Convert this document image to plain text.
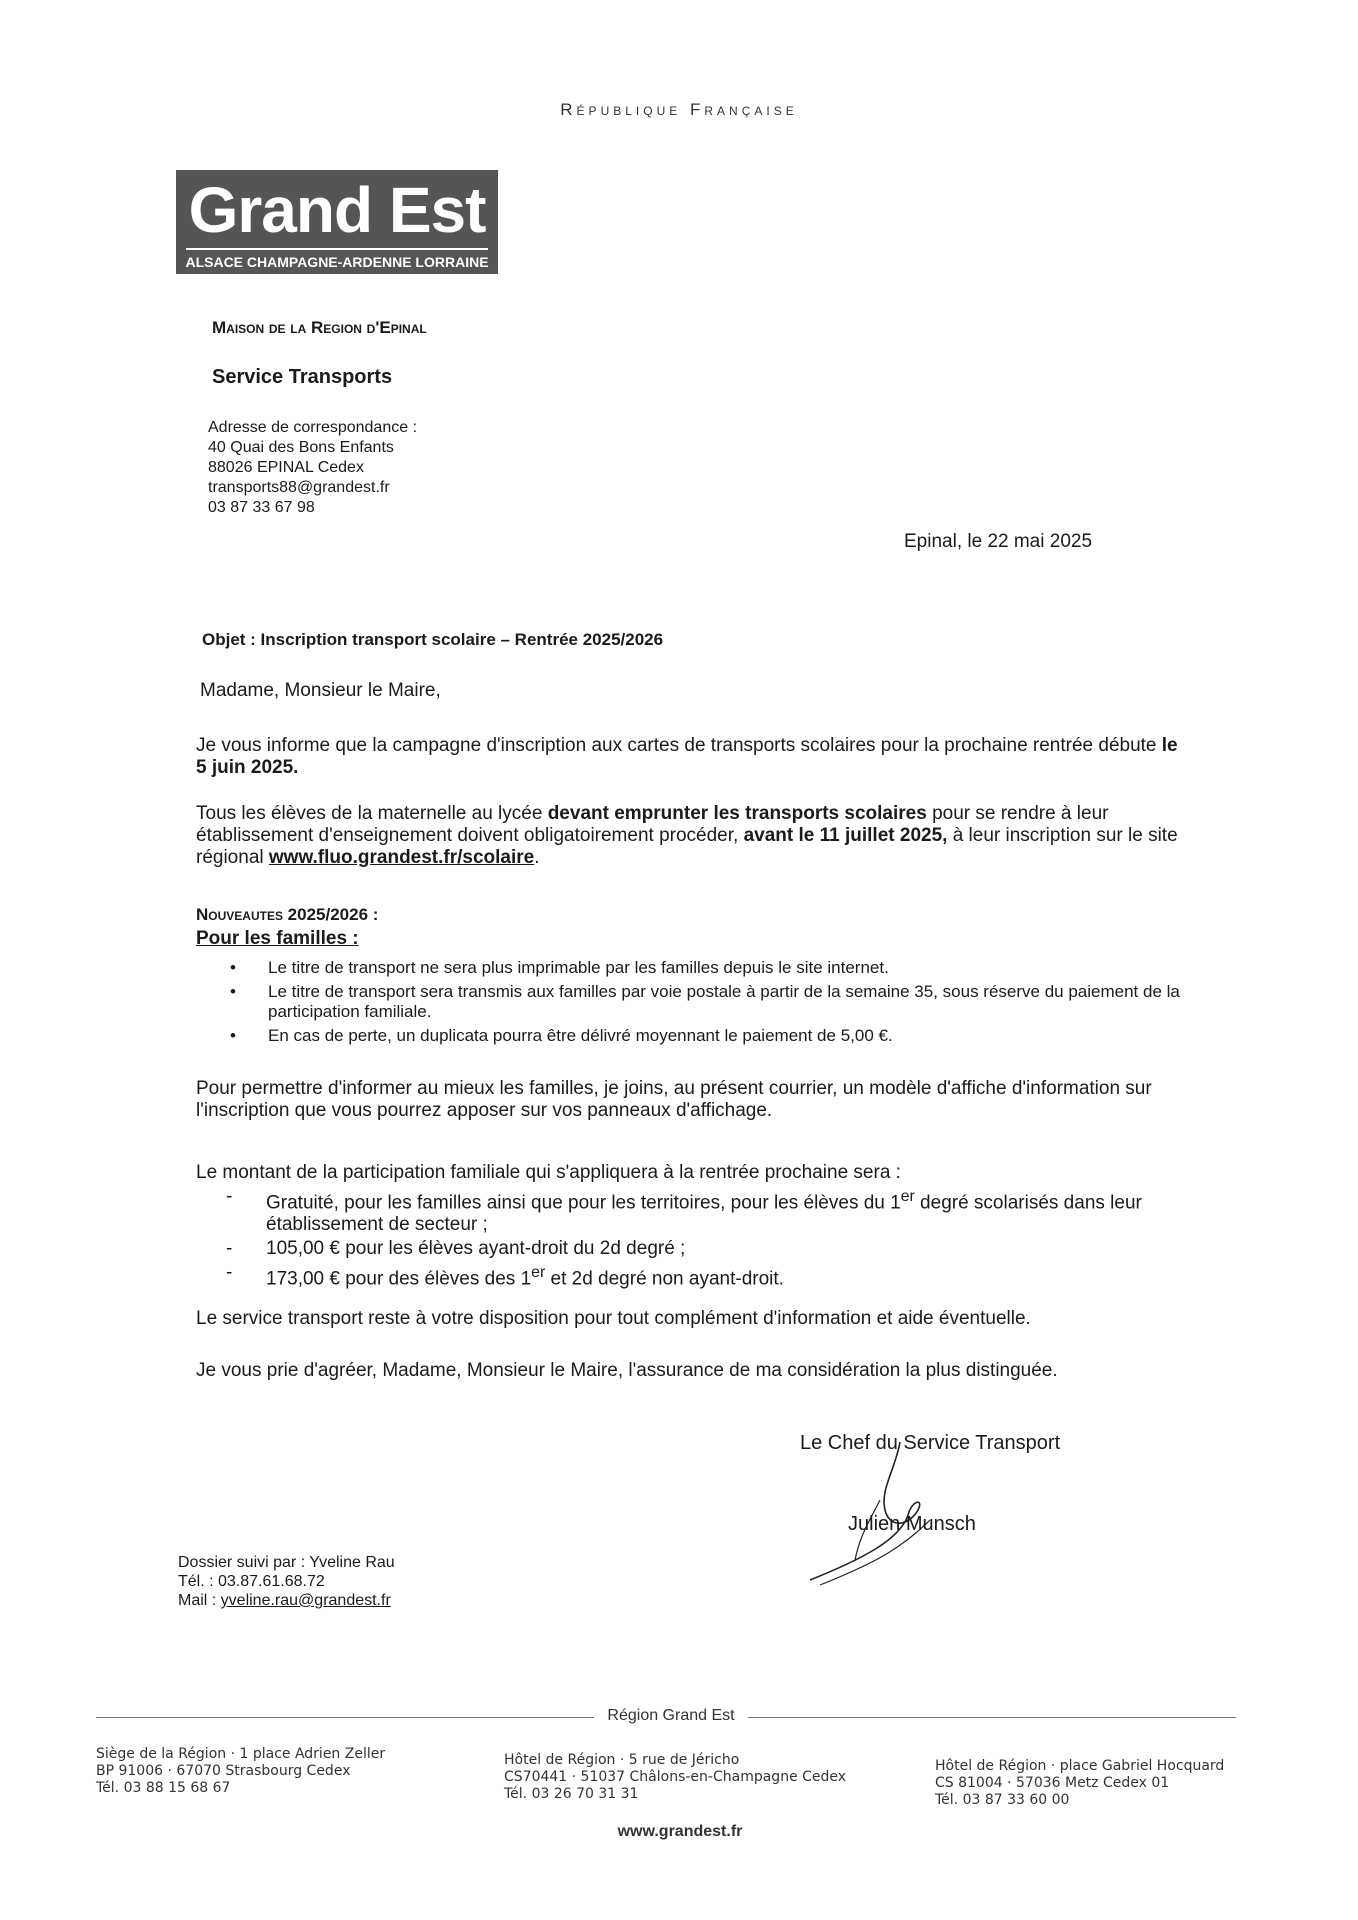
République Française
Grand Est
ALSACE CHAMPAGNE-ARDENNE LORRAINE
Maison de la Region d'Epinal
Service Transports
Adresse de correspondance :
40 Quai des Bons Enfants
88026 EPINAL Cedex
transports88@grandest.fr
03 87 33 67 98
Epinal, le 22 mai 2025
Objet : Inscription transport scolaire – Rentrée 2025/2026
Madame, Monsieur le Maire,
Je vous informe que la campagne d'inscription aux cartes de transports scolaires pour la prochaine rentrée débute le 5 juin 2025.
Tous les élèves de la maternelle au lycée devant emprunter les transports scolaires pour se rendre à leur établissement d'enseignement doivent obligatoirement procéder, avant le 11 juillet 2025, à leur inscription sur le site régional www.fluo.grandest.fr/scolaire.
Nouveautes 2025/2026 :
Pour les familles :
• Le titre de transport ne sera plus imprimable par les familles depuis le site internet.
• Le titre de transport sera transmis aux familles par voie postale à partir de la semaine 35, sous réserve du paiement de la participation familiale.
• En cas de perte, un duplicata pourra être délivré moyennant le paiement de 5,00 €.
Pour permettre d'informer au mieux les familles, je joins, au présent courrier, un modèle d'affiche d'information sur l'inscription que vous pourrez apposer sur vos panneaux d'affichage.
Le montant de la participation familiale qui s'appliquera à la rentrée prochaine sera :
- Gratuité, pour les familles ainsi que pour les territoires, pour les élèves du 1er degré scolarisés dans leur établissement de secteur ;
- 105,00 € pour les élèves ayant-droit du 2d degré ;
- 173,00 € pour des élèves des 1er et 2d degré non ayant-droit.
Le service transport reste à votre disposition pour tout complément d'information et aide éventuelle.
Je vous prie d'agréer, Madame, Monsieur le Maire, l'assurance de ma considération la plus distinguée.
Le Chef du Service Transport
Julien Munsch
Dossier suivi par : Yveline Rau
Tél. : 03.87.61.68.72
Mail : yveline.rau@grandest.fr
Région Grand Est
Siège de la Région · 1 place Adrien Zeller
BP 91006 · 67070 Strasbourg Cedex
Tél. 03 88 15 68 67
Hôtel de Région · 5 rue de Jéricho
CS70441 · 51037 Châlons-en-Champagne Cedex
Tél. 03 26 70 31 31
Hôtel de Région · place Gabriel Hocquard
CS 81004 · 57036 Metz Cedex 01
Tél. 03 87 33 60 00
www.grandest.fr
